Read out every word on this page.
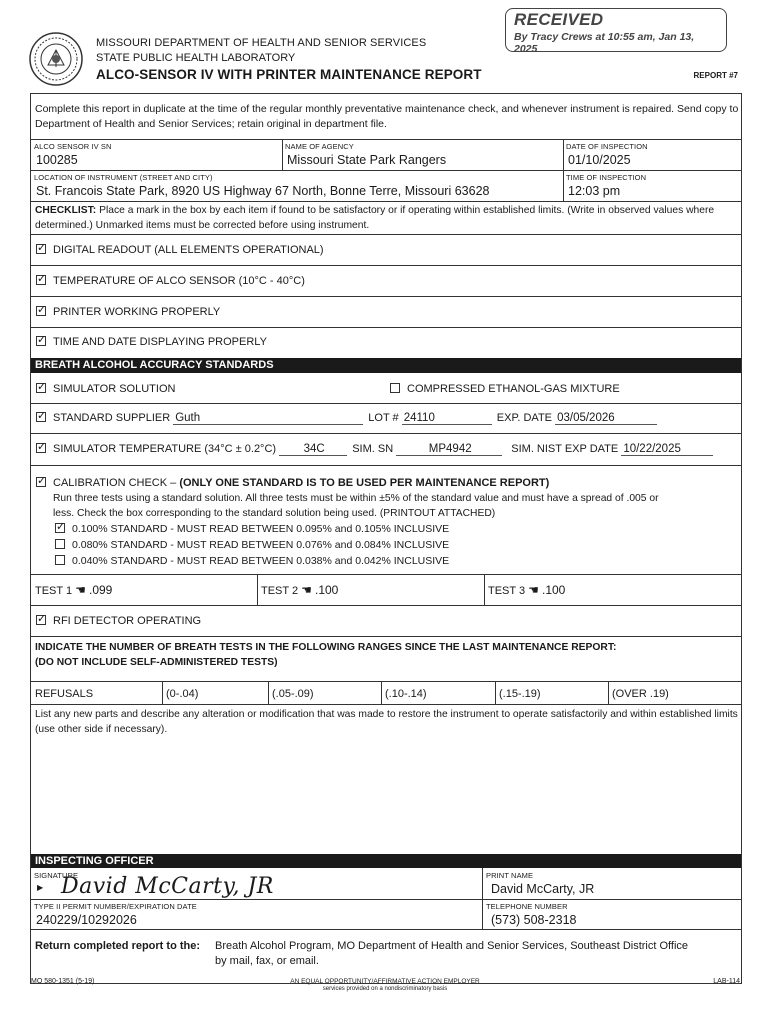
MISSOURI DEPARTMENT OF HEALTH AND SENIOR SERVICES
STATE PUBLIC HEALTH LABORATORY
ALCO-SENSOR IV WITH PRINTER MAINTENANCE REPORT	REPORT #7
RECEIVED
By Tracy Crews at 10:55 am, Jan 13, 2025
Complete this report in duplicate at the time of the regular monthly preventative maintenance check, and whenever instrument is repaired. Send copy to Department of Health and Senior Services; retain original in department file.
ALCO SENSOR IV SN
100285
NAME OF AGENCY
Missouri State Park Rangers
DATE OF INSPECTION
01/10/2025
LOCATION OF INSTRUMENT (STREET AND CITY)
St. Francois State Park, 8920 US Highway 67 North, Bonne Terre, Missouri 63628
TIME OF INSPECTION
12:03 pm
CHECKLIST: Place a mark in the box by each item if found to be satisfactory or if operating within established limits. (Write in observed values where determined.) Unmarked items must be corrected before using instrument.
✓DIGITAL READOUT (ALL ELEMENTS OPERATIONAL)
✓TEMPERATURE OF ALCO SENSOR (10°C - 40°C)
✓PRINTER WORKING PROPERLY
✓TIME AND DATE DISPLAYING PROPERLY
BREATH ALCOHOL ACCURACY STANDARDS
✓SIMULATOR SOLUTION	COMPRESSED ETHANOL-GAS MIXTURE
✓STANDARD SUPPLIER Guth	LOT # 24110	EXP. DATE 03/05/2026
✓SIMULATOR TEMPERATURE (34°C ± 0.2°C) 34C	SIM. SN	MP4942	SIM. NIST EXP DATE 10/22/2025
✓CALIBRATION CHECK – (ONLY ONE STANDARD IS TO BE USED PER MAINTENANCE REPORT)
Run three tests using a standard solution. All three tests must be within ±5% of the standard value and must have a spread of .005 or
less. Check the box corresponding to the standard solution being used. (PRINTOUT ATTACHED)
✓0.100% STANDARD - MUST READ BETWEEN 0.095% and 0.105% INCLUSIVE
0.080% STANDARD - MUST READ BETWEEN 0.076% and 0.084% INCLUSIVE
0.040% STANDARD - MUST READ BETWEEN 0.038% and 0.042% INCLUSIVE
TEST 1 ☚ .099	TEST 2 ☚ .100	TEST 3 ☚ .100
✓RFI DETECTOR OPERATING
INDICATE THE NUMBER OF BREATH TESTS IN THE FOLLOWING RANGES SINCE THE LAST MAINTENANCE REPORT:
(DO NOT INCLUDE SELF-ADMINISTERED TESTS)
REFUSALS	(0-.04)	(.05-.09)	(.10-.14)	(.15-.19)	(OVER .19)
List any new parts and describe any alteration or modification that was made to restore the instrument to operate satisfactorily and within established limits (use other side if necessary).
INSPECTING OFFICER
SIGNATURE
▶ David McCarty, JR	PRINT NAME
David McCarty, JR
TYPE II PERMIT NUMBER/EXPIRATION DATE
240229/10292026
TELEPHONE NUMBER
(573) 508-2318
Return completed report to the: Breath Alcohol Program, MO Department of Health and Senior Services, Southeast District Office
by mail, fax, or email.
MO 580-1351 (5-19)	AN EQUAL OPPORTUNITY/AFFIRMATIVE ACTION EMPLOYER
services provided on a nondiscriminatory basis
LAB-114
